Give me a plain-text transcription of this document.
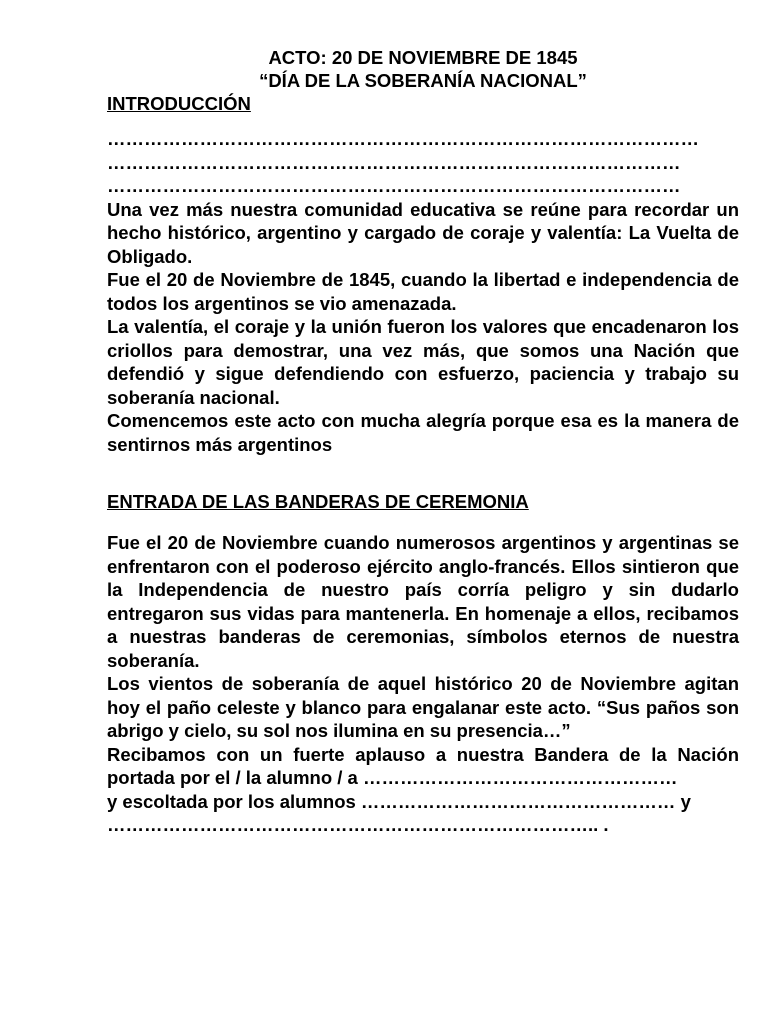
ACTO: 20 DE NOVIEMBRE DE 1845

“DÍA DE LA SOBERANÍA NACIONAL”

INTRODUCCIÓN

……………………………………………………………………………………

…………………………………………………………………………………

…………………………………………………………………………………

Una vez más nuestra comunidad educativa se reúne para recordar un hecho histórico, argentino y cargado de coraje y valentía: La Vuelta de Obligado.

Fue el 20 de Noviembre de 1845, cuando la libertad e independencia de todos los argentinos se vio amenazada.

La valentía, el coraje y la unión fueron los valores que encadenaron los criollos para demostrar, una vez más, que somos una Nación que defendió y sigue defendiendo con esfuerzo, paciencia y trabajo su soberanía nacional.

Comencemos este acto con mucha alegría porque esa es la manera de sentirnos más argentinos

ENTRADA DE LAS BANDERAS DE CEREMONIA

Fue el 20 de Noviembre cuando numerosos argentinos y argentinas se enfrentaron con el poderoso ejército anglo-francés. Ellos sintieron que la Independencia de nuestro país corría peligro y sin dudarlo entregaron sus vidas para mantenerla. En homenaje a ellos, recibamos a nuestras banderas de ceremonias, símbolos eternos de nuestra soberanía.

Los vientos de soberanía de aquel histórico 20 de Noviembre agitan hoy el paño celeste y blanco para engalanar este acto. “Sus paños son abrigo y cielo, su sol nos ilumina en su presencia…”

Recibamos con un fuerte aplauso a nuestra Bandera de la Nación portada por el / la alumno / a ……………………………………………

y escoltada por los alumnos …………………………………………… y

…………………………………………………………………….. .
